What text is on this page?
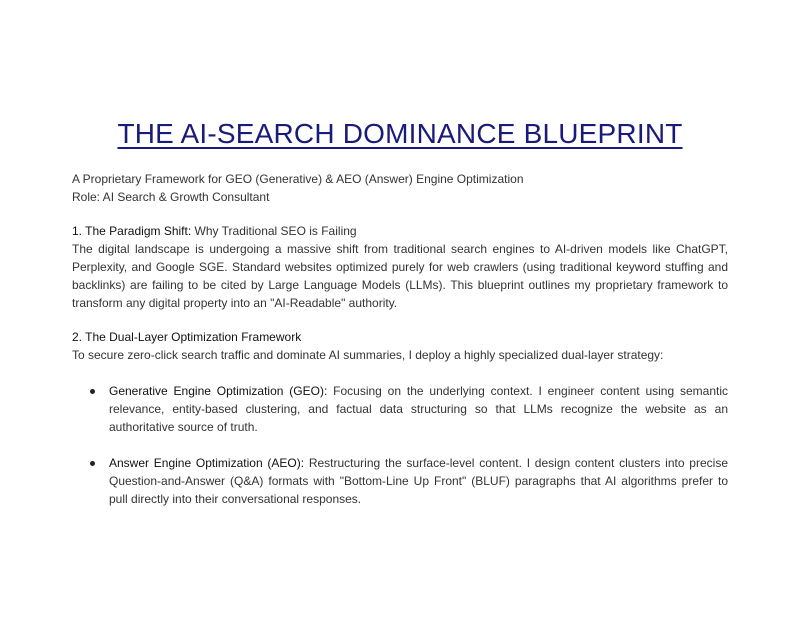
THE AI-SEARCH DOMINANCE BLUEPRINT

A Proprietary Framework for GEO (Generative) & AEO (Answer) Engine Optimization

Role: AI Search & Growth Consultant

1. The Paradigm Shift: Why Traditional SEO is Failing

The digital landscape is undergoing a massive shift from traditional search engines to AI-driven models like ChatGPT, Perplexity, and Google SGE. Standard websites optimized purely for web crawlers (using traditional keyword stuffing and backlinks) are failing to be cited by Large Language Models (LLMs). This blueprint outlines my proprietary framework to transform any digital property into an "AI-Readable" authority.

2. The Dual-Layer Optimization Framework

To secure zero-click search traffic and dominate AI summaries, I deploy a highly specialized dual-layer strategy:

Generative Engine Optimization (GEO): Focusing on the underlying context. I engineer content using semantic relevance, entity-based clustering, and factual data structuring so that LLMs recognize the website as an authoritative source of truth.
Answer Engine Optimization (AEO): Restructuring the surface-level content. I design content clusters into precise Question-and-Answer (Q&A) formats with "Bottom-Line Up Front" (BLUF) paragraphs that AI algorithms prefer to pull directly into their conversational responses.
